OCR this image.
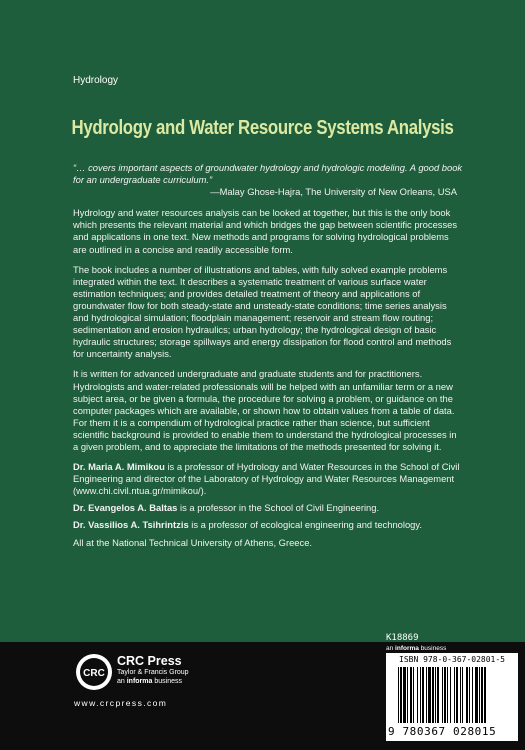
Hydrology
Hydrology and Water Resource Systems Analysis
“… covers important aspects of groundwater hydrology and hydrologic modeling. A good book for an undergraduate curriculum.”
—Malay Ghose-Hajra, The University of New Orleans, USA

Hydrology and water resources analysis can be looked at together, but this is the only book which presents the relevant material and which bridges the gap between scientific processes and applications in one text. New methods and programs for solving hydrological problems are outlined in a concise and readily accessible form.

The book includes a number of illustrations and tables, with fully solved example problems integrated within the text. It describes a systematic treatment of various surface water estimation techniques; and provides detailed treatment of theory and applications of groundwater flow for both steady-state and unsteady-state conditions; time series analysis and hydrological simulation; floodplain management; reservoir and stream flow routing; sedimentation and erosion hydraulics; urban hydrology; the hydrological design of basic hydraulic structures; storage spillways and energy dissipation for flood control and methods for uncertainty analysis.

It is written for advanced undergraduate and graduate students and for practitioners. Hydrologists and water-related professionals will be helped with an unfamiliar term or a new subject area, or be given a formula, the procedure for solving a problem, or guidance on the computer packages which are available, or shown how to obtain values from a table of data. For them it is a compendium of hydrological practice rather than science, but sufficient scientific background is provided to enable them to understand the hydrological processes in a given problem, and to appreciate the limitations of the methods presented for solving it.

Dr. Maria A. Mimikou is a professor of Hydrology and Water Resources in the School of Civil Engineering and director of the Laboratory of Hydrology and Water Resources Management (www.chi.civil.ntua.gr/mimikou/).

Dr. Evangelos A. Baltas is a professor in the School of Civil Engineering.

Dr. Vassilios A. Tsihrintzis is a professor of ecological engineering and technology.

All at the National Technical University of Athens, Greece.

CRC
CRC Press
Taylor & Francis Group
an informa business
www.crcpress.com
K18869
an informa business
ISBN 978-0-367-02801-5
9 780367 028015
